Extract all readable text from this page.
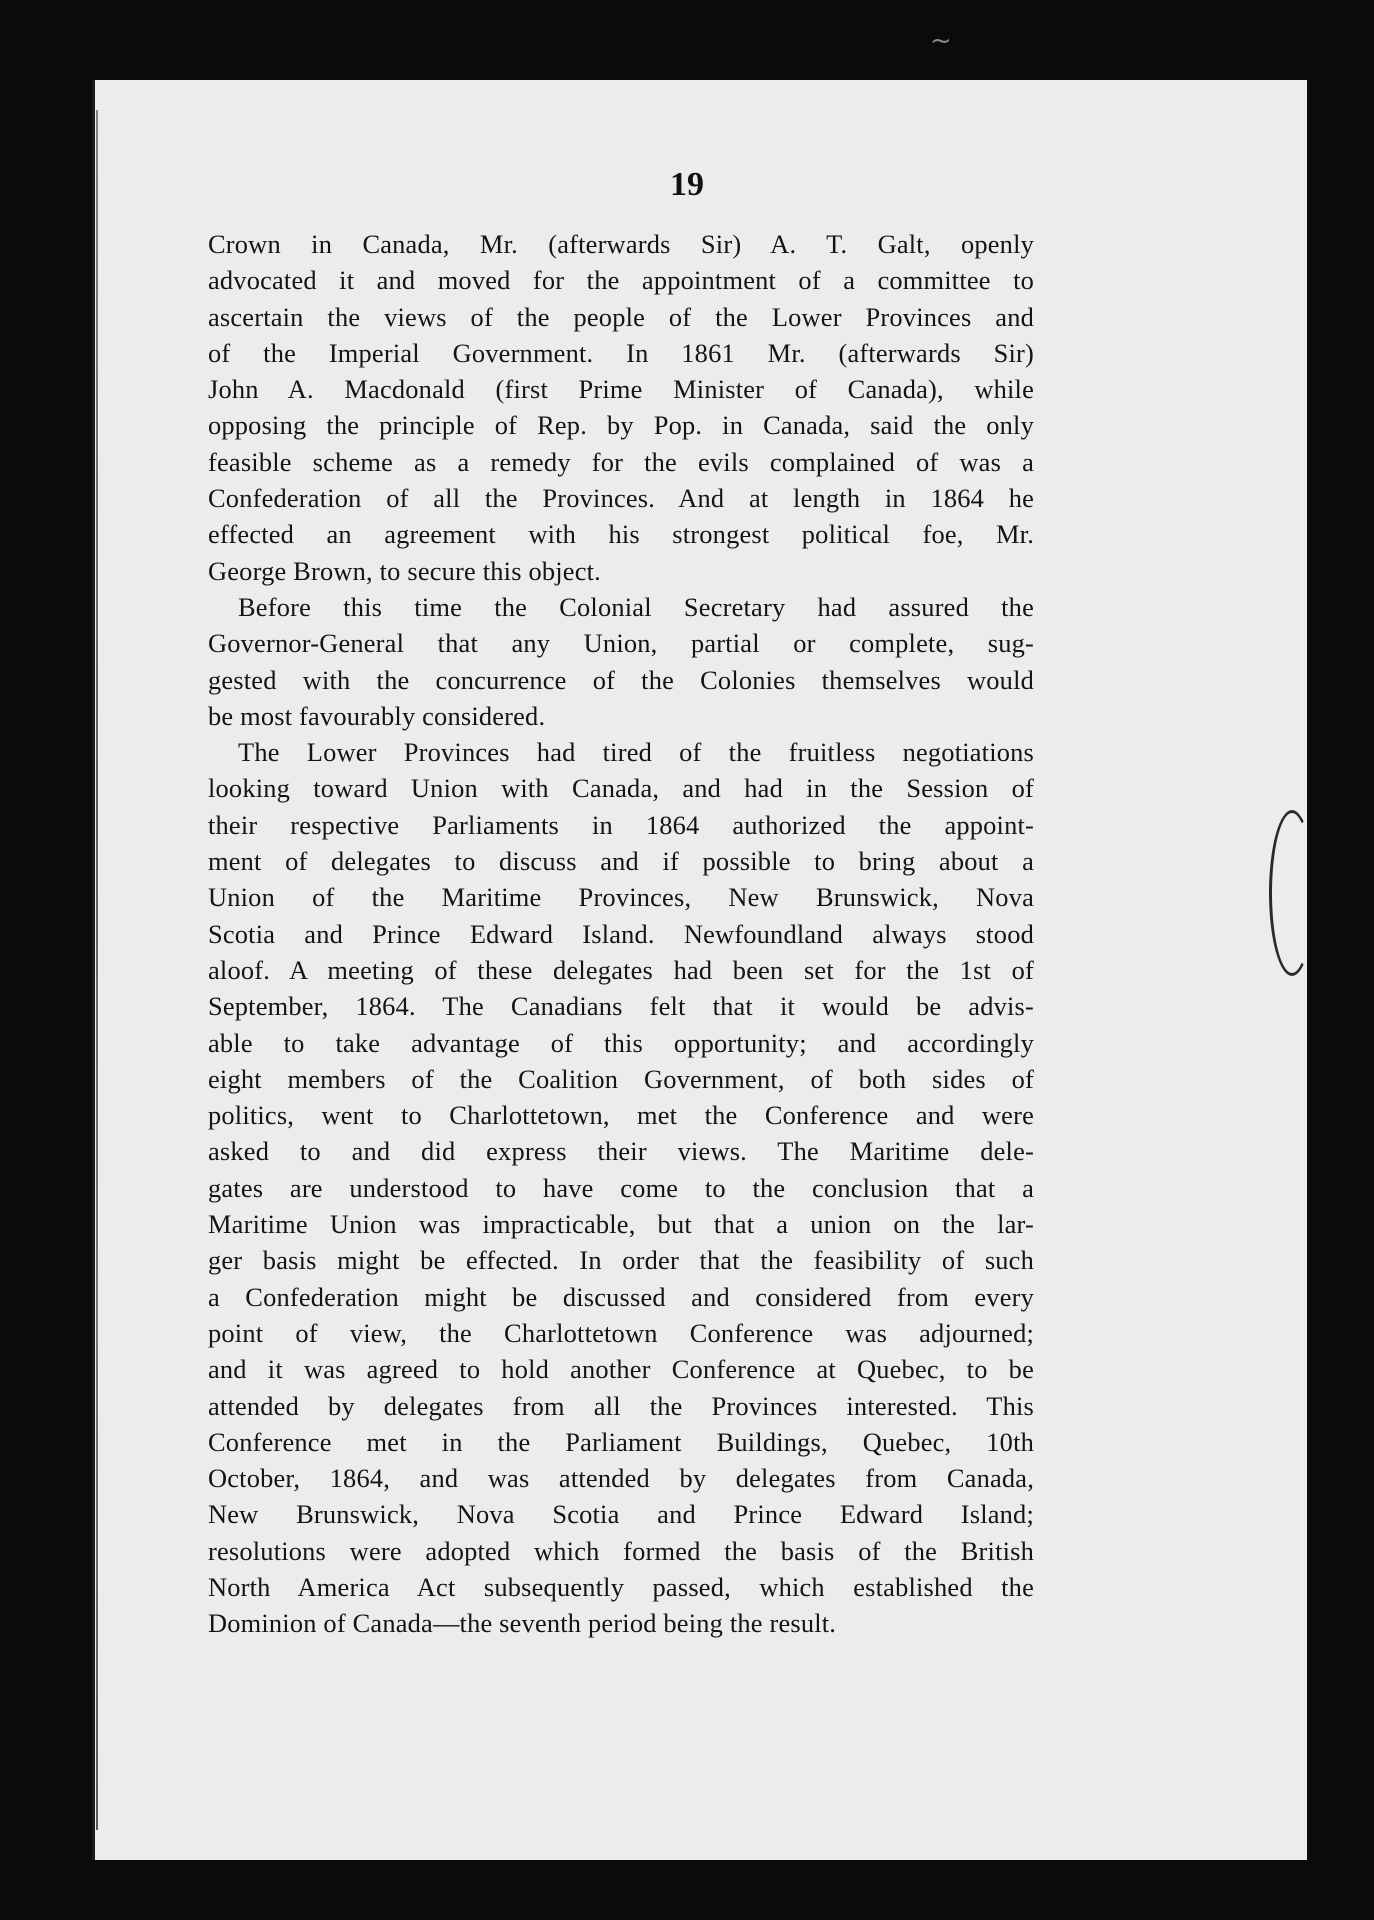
~
19

Crown in Canada, Mr. (afterwards Sir) A. T. Galt, openly

advocated it and moved for the appointment of a committee to

ascertain the views of the people of the Lower Provinces and

of the Imperial Government. In 1861 Mr. (afterwards Sir)

John A. Macdonald (first Prime Minister of Canada), while

opposing the principle of Rep. by Pop. in Canada, said the only

feasible scheme as a remedy for the evils complained of was a

Confederation of all the Provinces. And at length in 1864 he

effected an agreement with his strongest political foe, Mr.

George Brown, to secure this object.

Before this time the Colonial Secretary had assured the

Governor-General that any Union, partial or complete, sug-

gested with the concurrence of the Colonies themselves would

be most favourably considered.

The Lower Provinces had tired of the fruitless negotiations

looking toward Union with Canada, and had in the Session of

their respective Parliaments in 1864 authorized the appoint-

ment of delegates to discuss and if possible to bring about a

Union of the Maritime Provinces, New Brunswick, Nova

Scotia and Prince Edward Island. Newfoundland always stood

aloof. A meeting of these delegates had been set for the 1st of

September, 1864. The Canadians felt that it would be advis-

able to take advantage of this opportunity; and accordingly

eight members of the Coalition Government, of both sides of

politics, went to Charlottetown, met the Conference and were

asked to and did express their views. The Maritime dele-

gates are understood to have come to the conclusion that a

Maritime Union was impracticable, but that a union on the lar-

ger basis might be effected. In order that the feasibility of such

a Confederation might be discussed and considered from every

point of view, the Charlottetown Conference was adjourned;

and it was agreed to hold another Conference at Quebec, to be

attended by delegates from all the Provinces interested. This

Conference met in the Parliament Buildings, Quebec, 10th

October, 1864, and was attended by delegates from Canada,

New Brunswick, Nova Scotia and Prince Edward Island;

resolutions were adopted which formed the basis of the British

North America Act subsequently passed, which established the

Dominion of Canada—the seventh period being the result.
